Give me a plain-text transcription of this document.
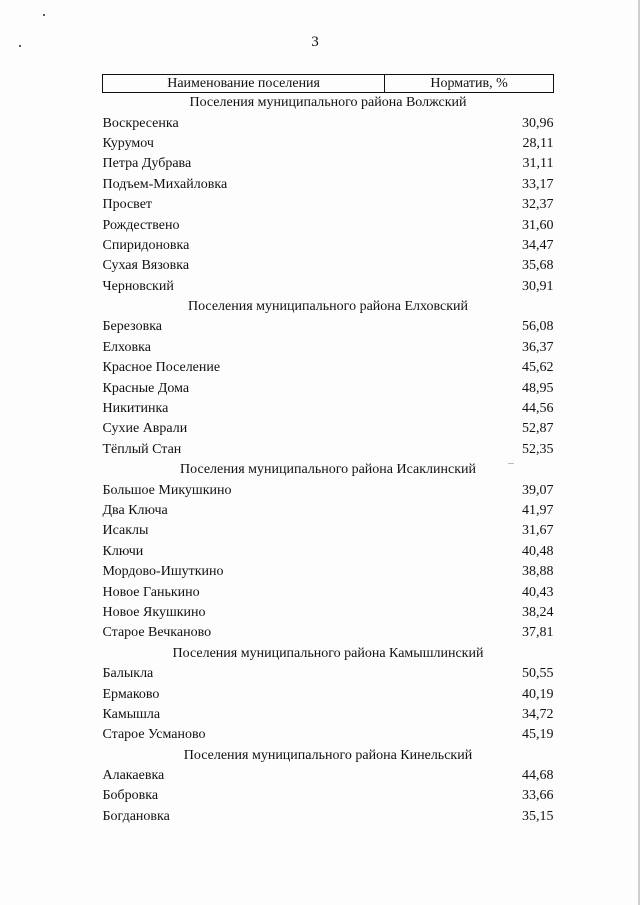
3
Наименование поселения	Норматив, %
Поселения муниципального района Волжский	
Воскресенка	30,96
Курумоч	28,11
Петра Дубрава	31,11
Подъем-Михайловка	33,17
Просвет	32,37
Рождествено	31,60
Спиридоновка	34,47
Сухая Вязовка	35,68
Черновский	30,91
Поселения муниципального района Елховский	
Березовка	56,08
Елховка	36,37
Красное Поселение	45,62
Красные Дома	48,95
Никитинка	44,56
Сухие Аврали	52,87
Тёплый Стан	52,35
Поселения муниципального района Исаклинский	
Большое Микушкино	39,07
Два Ключа	41,97
Исаклы	31,67
Ключи	40,48
Мордово-Ишуткино	38,88
Новое Ганькино	40,43
Новое Якушкино	38,24
Старое Вечканово	37,81
Поселения муниципального района Камышлинский	
Балыкла	50,55
Ермаково	40,19
Камышла	34,72
Старое Усманово	45,19
Поселения муниципального района Кинельский	
Алакаевка	44,68
Бобровка	33,66
Богдановка	35,15
